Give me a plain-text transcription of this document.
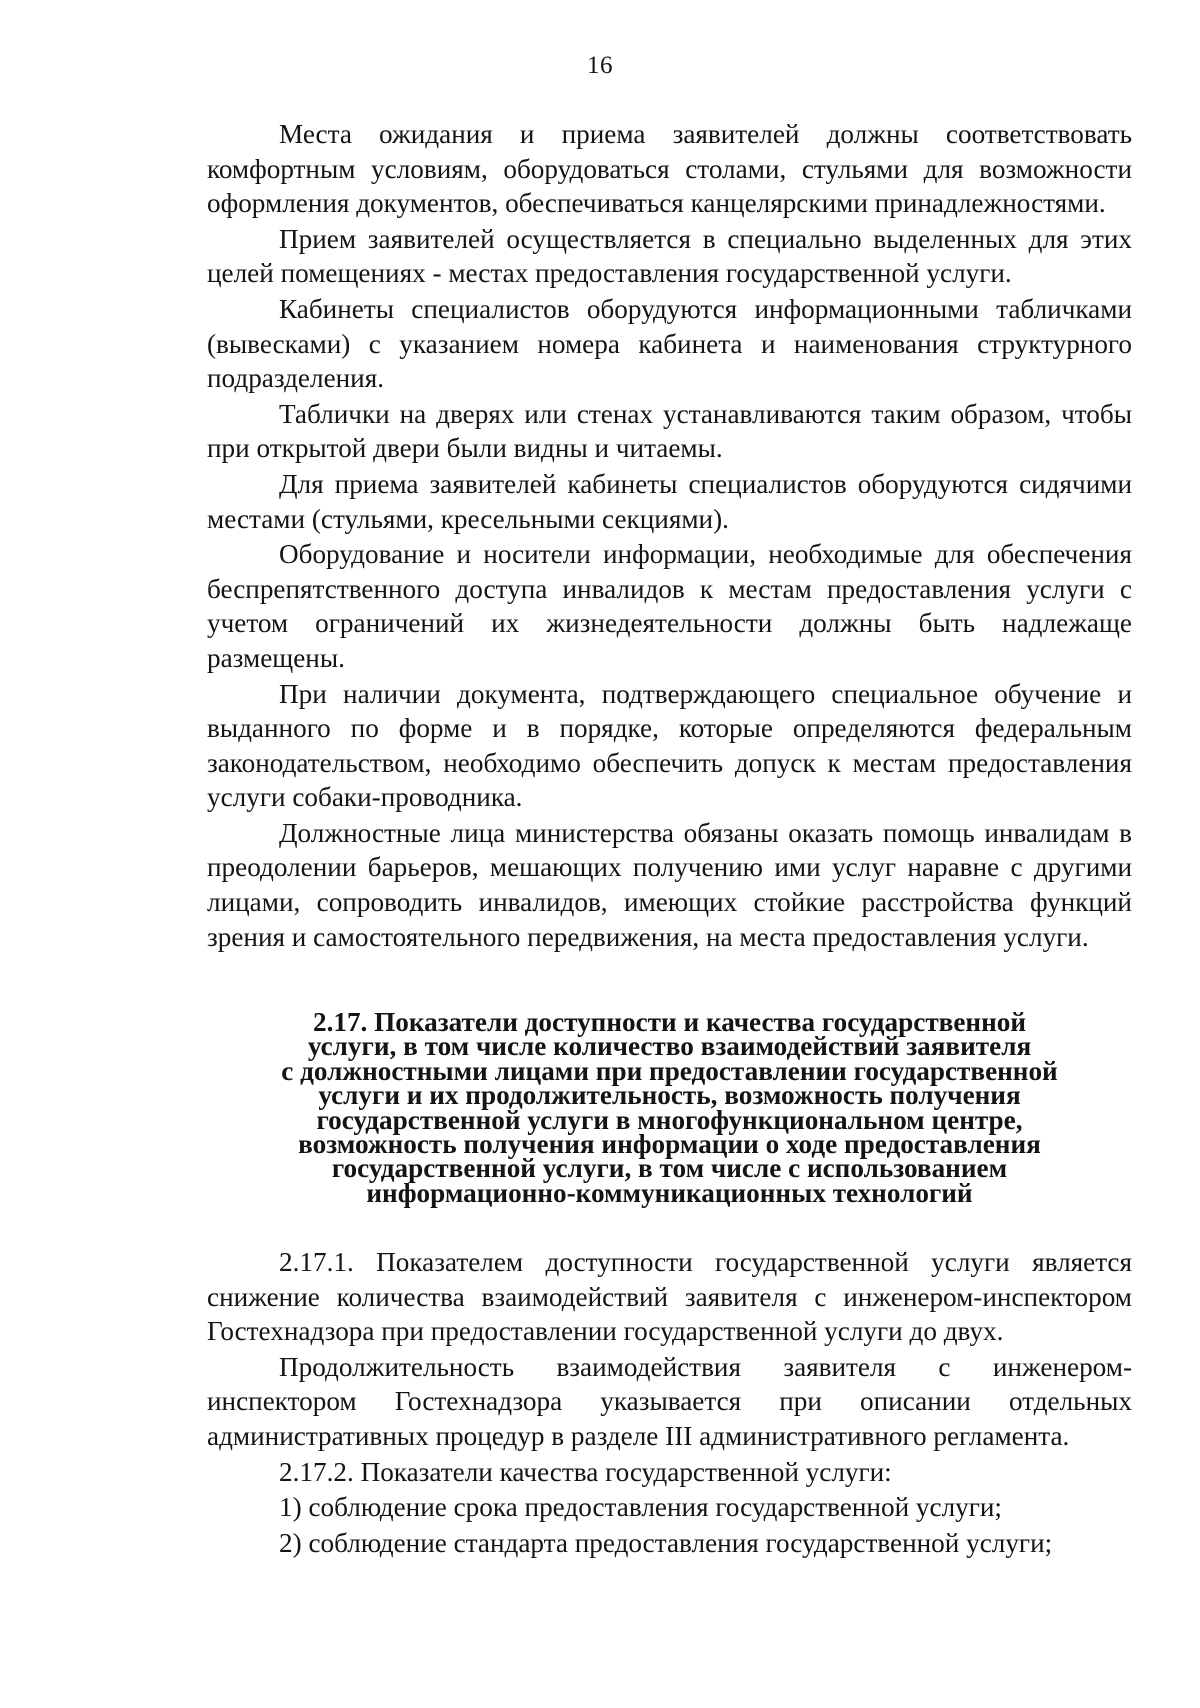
16

Места ожидания и приема заявителей должны соответствовать комфортным условиям, оборудоваться столами, стульями для возможности оформления документов, обеспечиваться канцелярскими принадлежностями.

Прием заявителей осуществляется в специально выделенных для этих целей помещениях - местах предоставления государственной услуги.

Кабинеты специалистов оборудуются информационными табличками (вывесками) с указанием номера кабинета и наименования структурного подразделения.

Таблички на дверях или стенах устанавливаются таким образом, чтобы при открытой двери были видны и читаемы.

Для приема заявителей кабинеты специалистов оборудуются сидячими местами (стульями, кресельными секциями).

Оборудование и носители информации, необходимые для обеспечения беспрепятственного доступа инвалидов к местам предоставления услуги с учетом ограничений их жизнедеятельности должны быть надлежаще размещены.

При наличии документа, подтверждающего специальное обучение и выданного по форме и в порядке, которые определяются федеральным законодательством, необходимо обеспечить допуск к местам предоставления услуги собаки-проводника.

Должностные лица министерства обязаны оказать помощь инвалидам в преодолении барьеров, мешающих получению ими услуг наравне с другими лицами, сопроводить инвалидов, имеющих стойкие расстройства функций зрения и самостоятельного передвижения, на места предоставления услуги.

2.17. Показатели доступности и качества государственной
услуги, в том числе количество взаимодействий заявителя
с должностными лицами при предоставлении государственной
услуги и их продолжительность, возможность получения
государственной услуги в многофункциональном центре,
возможность получения информации о ходе предоставления
государственной услуги, в том числе с использованием
информационно-коммуникационных технологий

2.17.1. Показателем доступности государственной услуги является снижение количества взаимодействий заявителя с инженером-инспектором Гостехнадзора при предоставлении государственной услуги до двух.

Продолжительность взаимодействия заявителя с инженером-инспектором Гостехнадзора указывается при описании отдельных административных процедур в разделе III административного регламента.

2.17.2. Показатели качества государственной услуги:

1) соблюдение срока предоставления государственной услуги;

2) соблюдение стандарта предоставления государственной услуги;
